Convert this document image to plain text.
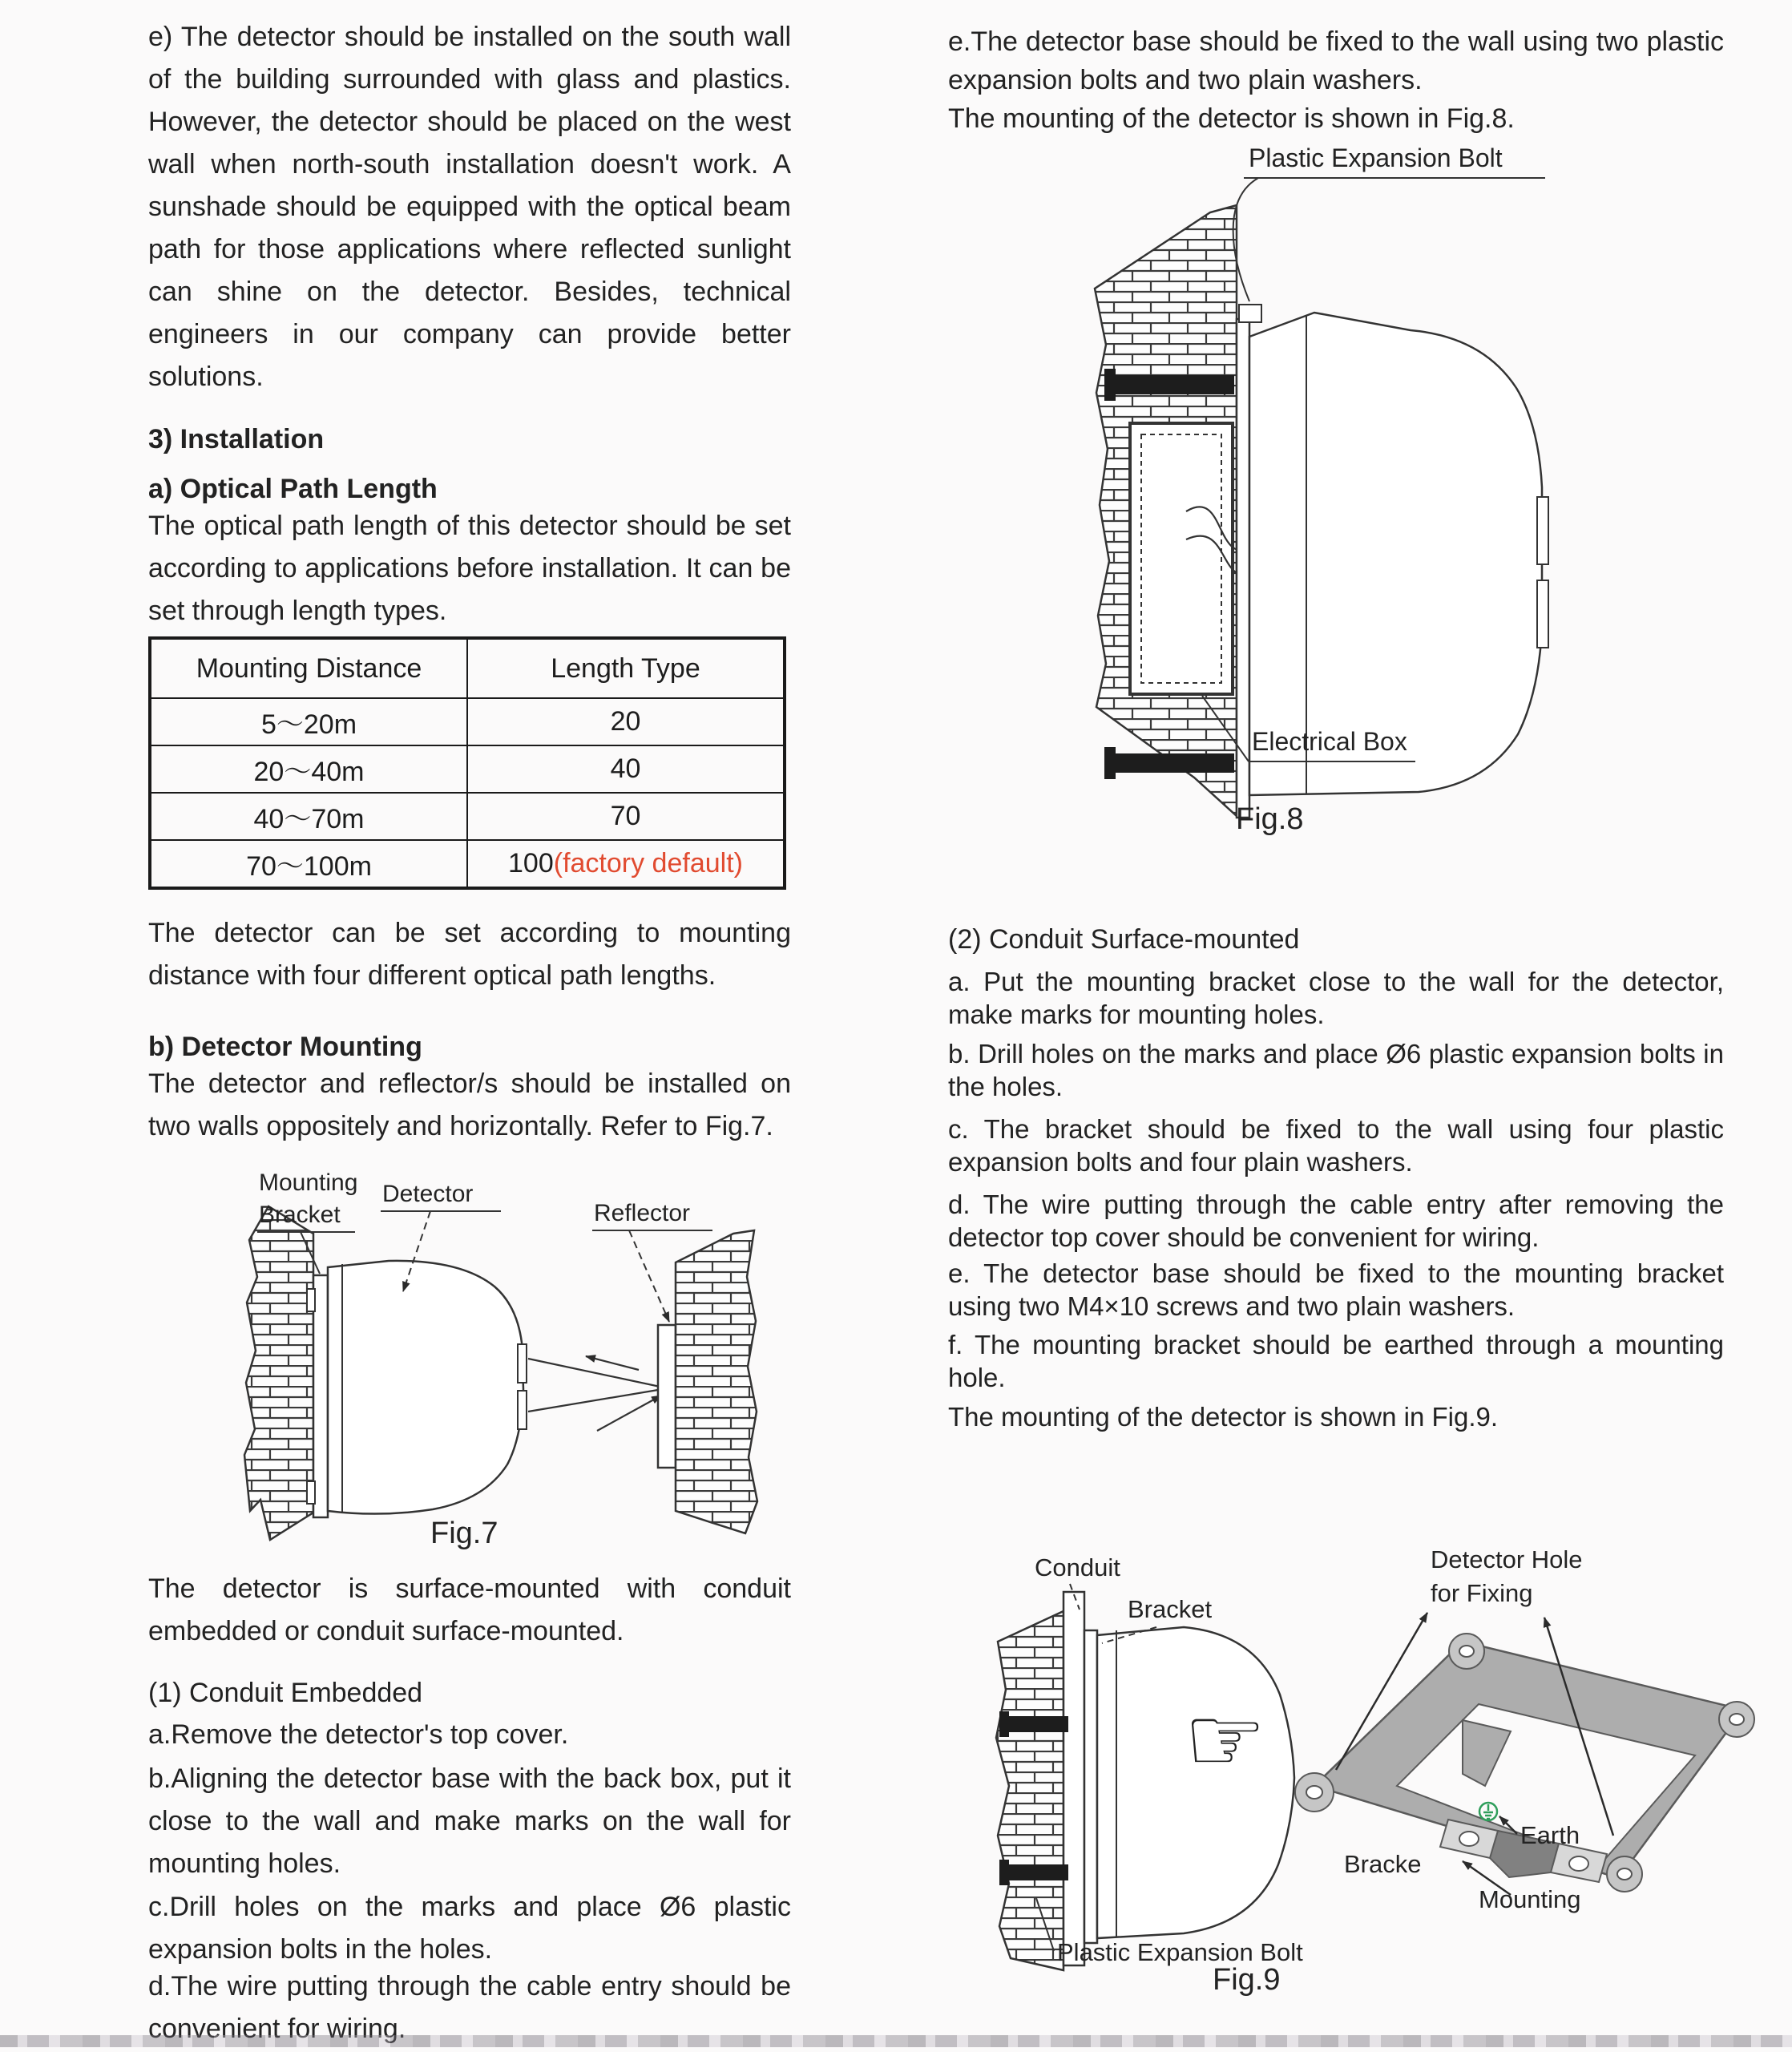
e) The detector should be installed on the south wall of the building surrounded with glass and plastics. However, the detector should be placed on the west wall when north-south installation doesn't work. A sunshade should be equipped with the optical beam path for those applications where reflected sunlight can shine on the detector. Besides, technical engineers in our company can provide better solutions.
3) Installation
a) Optical Path Length
The optical path length of this detector should be set according to applications before installation. It can be set through length types.
Mounting Distance	Length Type
5〜20m	20
20〜40m	40
40〜70m	70
70〜100m	100(factory default)
The detector can be set according to mounting distance with four different optical path lengths.
b) Detector Mounting
The detector and reflector/s should be installed on two walls oppositely and horizontally. Refer to Fig.7.
Mounting
Bracket
Detector
Reflector
Fig.7
The detector is surface-mounted with conduit embedded or conduit surface-mounted.
(1) Conduit Embedded
a.Remove the detector's top cover.
b.Aligning the detector base with the back box, put it close to the wall and make marks on the wall for mounting holes.
c.Drill holes on the marks and place Ø6 plastic expansion bolts in the holes.
d.The wire putting through the cable entry should be convenient for wiring.
e.The detector base should be fixed to the wall using two plastic expansion bolts and two plain washers.
The mounting of the detector is shown in Fig.8.
Plastic Expansion Bolt
Electrical Box
Fig.8
(2) Conduit Surface-mounted
a. Put the mounting bracket close to the wall for the detector, make marks for mounting holes.
b. Drill holes on the marks and place Ø6 plastic expansion bolts in the holes.
c. The bracket should be fixed to the wall using four plastic expansion bolts and four plain washers.
d. The wire putting through the cable entry after removing the detector top cover should be convenient for wiring.
e. The detector base should be fixed to the mounting bracket using two M4×10 screws and two plain washers.
f. The mounting bracket should be earthed through a mounting hole.
The mounting of the detector is shown in Fig.9.
☞
Conduit
Bracket
Plastic Expansion Bolt
Detector Hole
for Fixing
Earth
Bracke
Mounting
Fig.9
